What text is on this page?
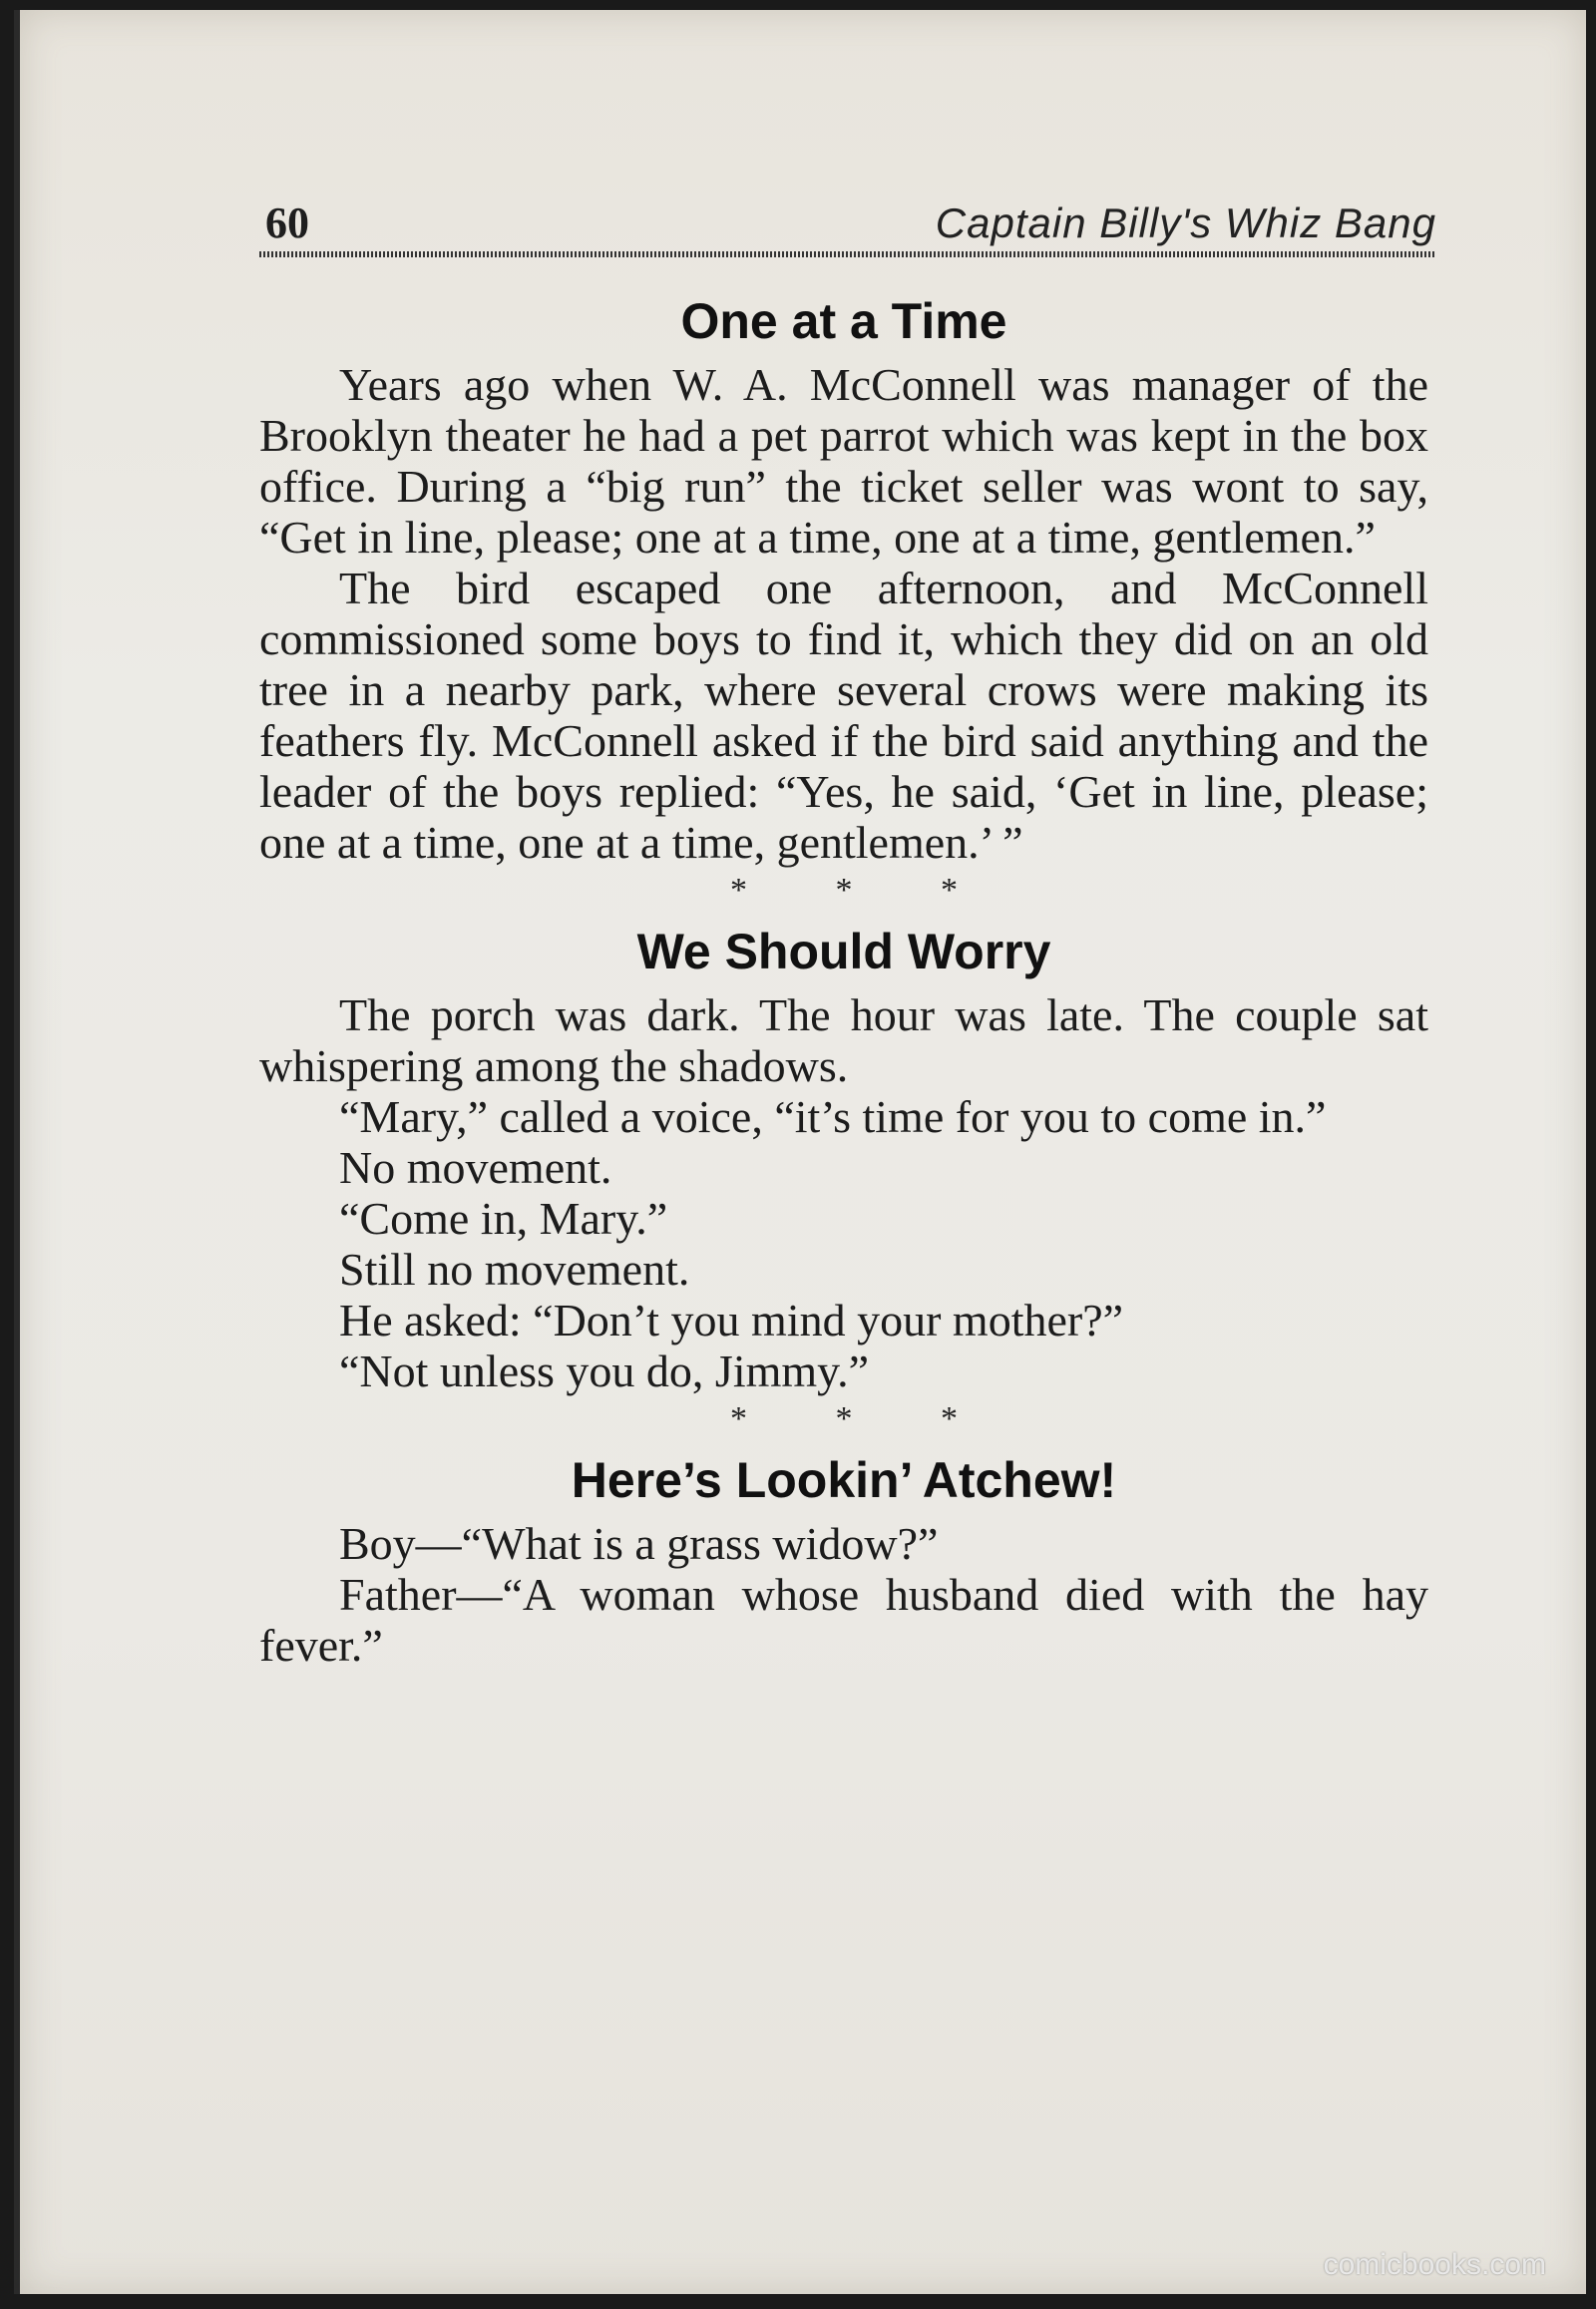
60	Captain Billy's Whiz Bang
One at a Time

Years ago when W. A. McConnell was manager of the Brooklyn theater he had a pet parrot which was kept in the box office. During a “big run” the ticket seller was wont to say, “Get in line, please; one at a time, one at a time, gentlemen.”

The bird escaped one afternoon, and McConnell commissioned some boys to find it, which they did on an old tree in a nearby park, where several crows were making its feathers fly. McConnell asked if the bird said anything and the leader of the boys replied: “Yes, he said, ‘Get in line, please; one at a time, one at a time, gentlemen.’ ”

* * *
We Should Worry

The porch was dark. The hour was late. The couple sat whispering among the shadows.

“Mary,” called a voice, “it’s time for you to come in.”

No movement.

“Come in, Mary.”

Still no movement.

He asked: “Don’t you mind your mother?”

“Not unless you do, Jimmy.”

* * *
Here’s Lookin’ Atchew!

Boy—“What is a grass widow?”

Father—“A woman whose husband died with the hay fever.”

comicbooks.com
